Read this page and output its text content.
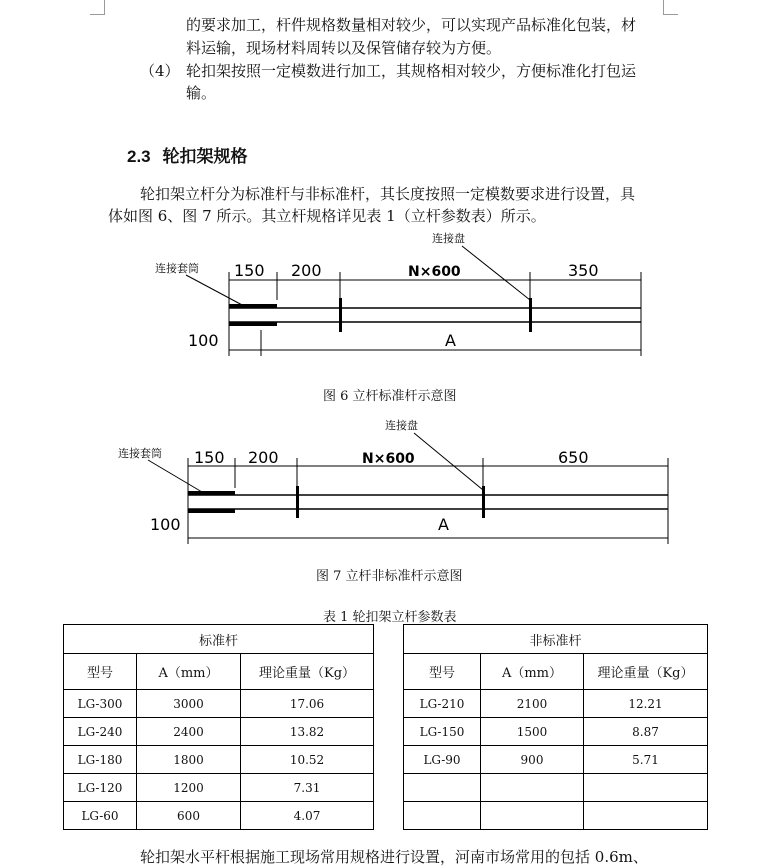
的要求加工，杆件规格数量相对较少，可以实现产品标准化包装，材
料运输，现场材料周转以及保管储存较为方便。
（4） 轮扣架按照一定模数进行加工，其规格相对较少，方便标准化打包运
输。
2.3 轮扣架规格
轮扣架立杆分为标准杆与非标准杆，其长度按照一定模数要求进行设置，具
体如图 6、图 7 所示。其立杆规格详见表 1（立杆参数表）所示。
连接盘
连接套筒 150 200	N×600	350
100	A
图 6 立杆标准杆示意图
连接盘
连接套筒 150 200	N×600	650
100	A
图 7 立杆非标准杆示意图
表 1 轮扣架立杆参数表
标准杆		
型号	A（mm）	理论重量（Kg）
LG-300	3000	17.06
LG-240	2400	13.82
LG-180	1800	10.52
LG-120	1200	7.31
LG-60	600	4.07
非标准杆		
型号	A（mm）	理论重量（Kg）
LG-210	2100	12.21
LG-150	1500	8.87
LG-90	900	5.71

轮扣架水平杆根据施工现场常用规格进行设置，河南市场常用的包括 0.6m、
